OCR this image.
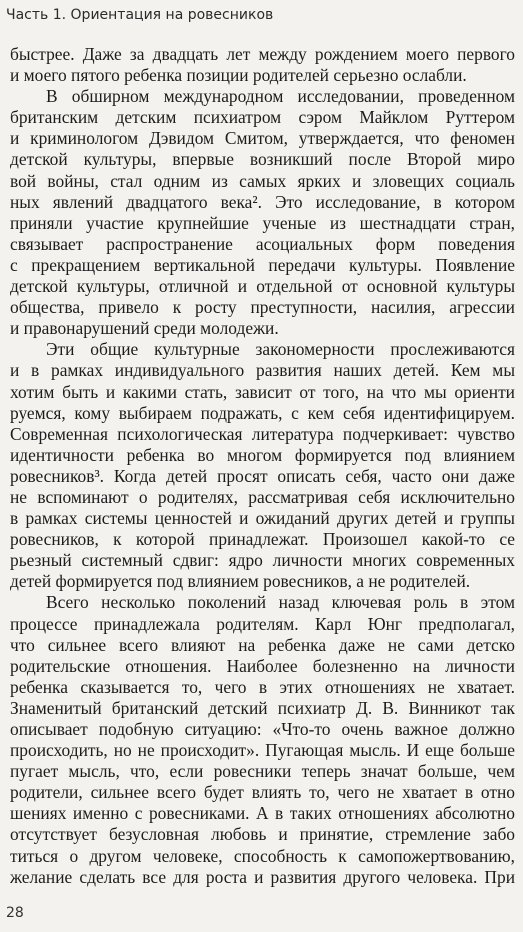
Часть 1. Ориентация на ровесников
быстрее. Даже за двадцать лет между рождением моего первого
и моего пятого ребенка позиции родителей серьезно ослабли.
В обширном международном исследовании, проведенном
британским детским психиатром сэром Майклом Руттером
и криминологом Дэвидом Смитом, утверждается, что феномен
детской культуры, впервые возникший после Второй миро
вой войны, стал одним из самых ярких и зловещих социаль
ных явлений двадцатого века². Это исследование, в котором
приняли участие крупнейшие ученые из шестнадцати стран,
связывает распространение асоциальных форм поведения
с прекращением вертикальной передачи культуры. Появление
детской культуры, отличной и отдельной от основной культуры
общества, привело к росту преступности, насилия, агрессии
и правонарушений среди молодежи.
Эти общие культурные закономерности прослеживаются
и в рамках индивидуального развития наших детей. Кем мы
хотим быть и какими стать, зависит от того, на что мы ориенти
руемся, кому выбираем подражать, с кем себя идентифицируем.
Современная психологическая литература подчеркивает: чувство
идентичности ребенка во многом формируется под влиянием
ровесников³. Когда детей просят описать себя, часто они даже
не вспоминают о родителях, рассматривая себя исключительно
в рамках системы ценностей и ожиданий других детей и группы
ровесников, к которой принадлежат. Произошел какой-то се
рьезный системный сдвиг: ядро личности многих современных
детей формируется под влиянием ровесников, а не родителей.
Всего несколько поколений назад ключевая роль в этом
процессе принадлежала родителям. Карл Юнг предполагал,
что сильнее всего влияют на ребенка даже не сами детско
родительские отношения. Наиболее болезненно на личности
ребенка сказывается то, чего в этих отношениях не хватает.
Знаменитый британский детский психиатр Д. В. Винникот так
описывает подобную ситуацию: «Что-то очень важное должно
происходить, но не происходит». Пугающая мысль. И еще больше
пугает мысль, что, если ровесники теперь значат больше, чем
родители, сильнее всего будет влиять то, чего не хватает в отно
шениях именно с ровесниками. А в таких отношениях абсолютно
отсутствует безусловная любовь и принятие, стремление забо
титься о другом человеке, способность к самопожертвованию,
желание сделать все для роста и развития другого человека. При
28
